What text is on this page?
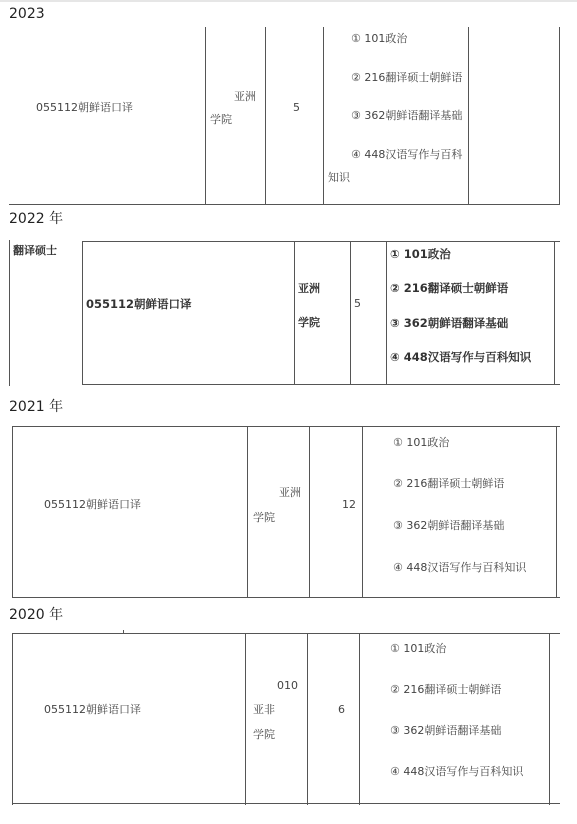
2023
055112朝鲜语口译
亚洲
学院
5
① 101政治
② 216翻译硕士朝鲜语
③ 362朝鲜语翻译基础
④ 448汉语写作与百科
知识
2022 年
翻译硕士
055112朝鲜语口译
亚洲
学院
5
① 101政治
② 216翻译硕士朝鲜语
③ 362朝鲜语翻译基础
④ 448汉语写作与百科知识
2021 年
055112朝鲜语口译
亚洲
学院
12
① 101政治
② 216翻译硕士朝鲜语
③ 362朝鲜语翻译基础
④ 448汉语写作与百科知识
2020 年
055112朝鲜语口译
010
亚非
学院
6
① 101政治
② 216翻译硕士朝鲜语
③ 362朝鲜语翻译基础
④ 448汉语写作与百科知识
